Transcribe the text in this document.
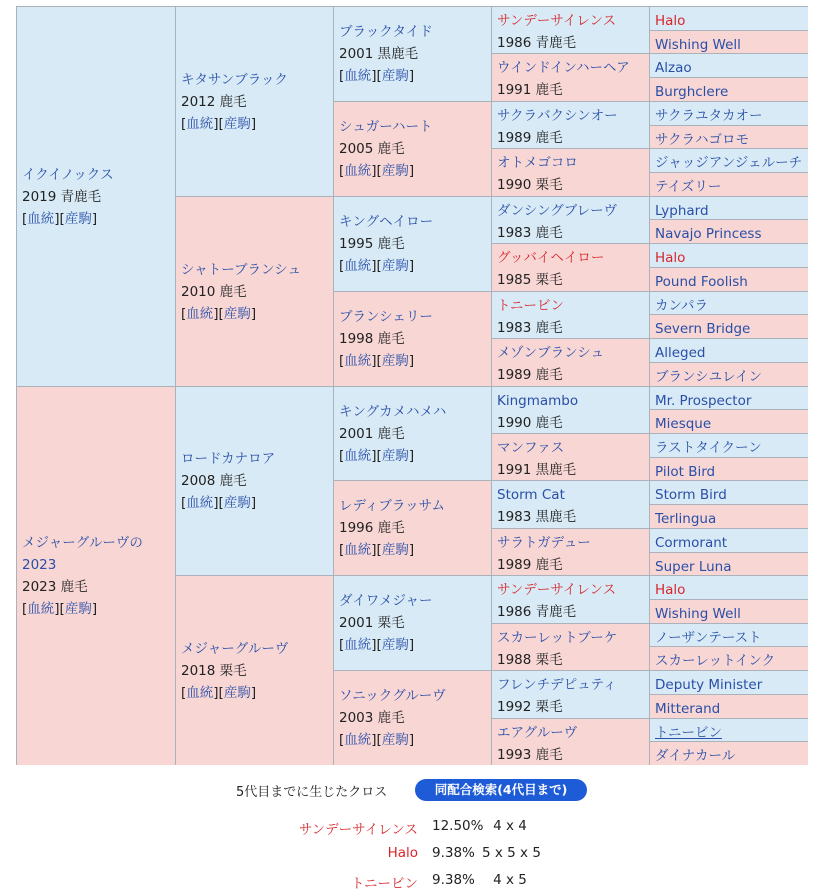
イクイノックス
2019 青鹿毛
[血統][産駒]
メジャーグルーヴの2023
2023 鹿毛
[血統][産駒]
キタサンブラック
2012 鹿毛
[血統][産駒]
シャトーブランシュ
2010 鹿毛
[血統][産駒]
ロードカナロア
2008 鹿毛
[血統][産駒]
メジャーグルーヴ
2018 栗毛
[血統][産駒]
ブラックタイド
2001 黒鹿毛
[血統][産駒]
シュガーハート
2005 鹿毛
[血統][産駒]
キングヘイロー
1995 鹿毛
[血統][産駒]
ブランシェリー
1998 鹿毛
[血統][産駒]
キングカメハメハ
2001 鹿毛
[血統][産駒]
レディブラッサム
1996 鹿毛
[血統][産駒]
ダイワメジャー
2001 栗毛
[血統][産駒]
ソニックグルーヴ
2003 鹿毛
[血統][産駒]
サンデーサイレンス
1986 青鹿毛
ウインドインハーヘア
1991 鹿毛
サクラバクシンオー
1989 鹿毛
オトメゴコロ
1990 栗毛
ダンシングブレーヴ
1983 鹿毛
グッバイヘイロー
1985 栗毛
トニービン
1983 鹿毛
メゾンブランシュ
1989 鹿毛
Kingmambo
1990 鹿毛
マンファス
1991 黒鹿毛
Storm Cat
1983 黒鹿毛
サラトガデュー
1989 鹿毛
サンデーサイレンス
1986 青鹿毛
スカーレットブーケ
1988 栗毛
フレンチデピュティ
1992 栗毛
エアグルーヴ
1993 鹿毛
Halo
Wishing Well
Alzao
Burghclere
サクラユタカオー
サクラハゴロモ
ジャッジアンジェルーチ
テイズリー
Lyphard
Navajo Princess
Halo
Pound Foolish
カンパラ
Severn Bridge
Alleged
ブランシユレイン
Mr. Prospector
Miesque
ラストタイクーン
Pilot Bird
Storm Bird
Terlingua
Cormorant
Super Luna
Halo
Wishing Well
ノーザンテースト
スカーレットインク
Deputy Minister
Mitterand
トニービン
ダイナカール
5代目までに生じたクロス	同配合検索(4代目まで)
サンデーサイレンス 12.50% 4 x 4
Halo 9.38% 5 x 5 x 5
トニービン 9.38%	4 x 5
